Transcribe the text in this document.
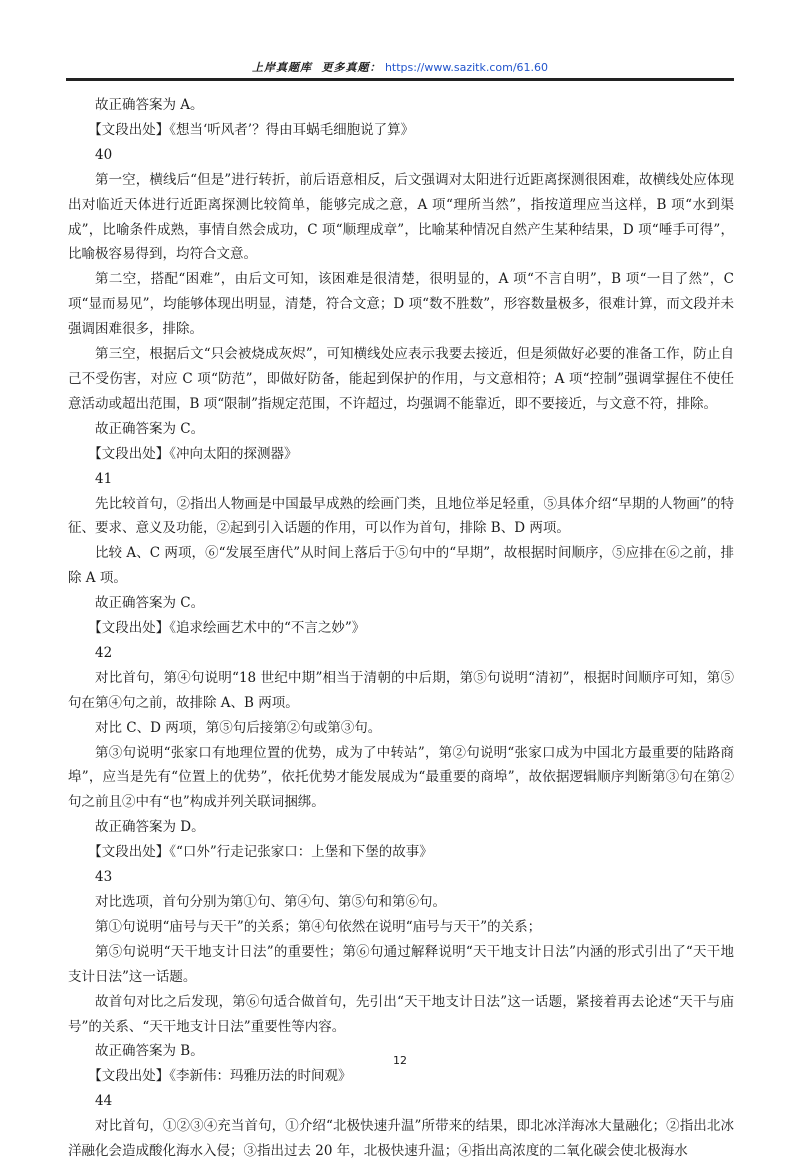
上岸真题库 更多真题： https://www.sazitk.com/61.60

故正确答案为 A。

【文段出处】《想当‘听风者’？得由耳蜗毛细胞说了算》

40

第一空，横线后“但是”进行转折，前后语意相反，后文强调对太阳进行近距离探测很困难，故横线处应体现出对临近天体进行近距离探测比较简单，能够完成之意，A 项“理所当然”，指按道理应当这样，B 项“水到渠成”，比喻条件成熟，事情自然会成功，C 项“顺理成章”，比喻某种情况自然产生某种结果，D 项“唾手可得”，比喻极容易得到，均符合文意。

第二空，搭配“困难”，由后文可知，该困难是很清楚，很明显的，A 项“不言自明”，B 项“一目了然”，C 项“显而易见”，均能够体现出明显，清楚，符合文意；D 项“数不胜数”，形容数量极多，很难计算，而文段并未强调困难很多，排除。

第三空，根据后文“只会被烧成灰烬”，可知横线处应表示我要去接近，但是须做好必要的准备工作，防止自己不受伤害，对应 C 项“防范”，即做好防备，能起到保护的作用，与文意相符；A 项“控制”强调掌握住不使任意活动或超出范围，B 项“限制”指规定范围，不许超过，均强调不能靠近，即不要接近，与文意不符，排除。

故正确答案为 C。

【文段出处】《冲向太阳的探测器》

41

先比较首句，②指出人物画是中国最早成熟的绘画门类，且地位举足轻重，⑤具体介绍“早期的人物画”的特征、要求、意义及功能，②起到引入话题的作用，可以作为首句，排除 B、D 两项。

比较 A、C 两项，⑥“发展至唐代”从时间上落后于⑤句中的“早期”，故根据时间顺序，⑤应排在⑥之前，排除 A 项。

故正确答案为 C。

【文段出处】《追求绘画艺术中的“不言之妙”》

42

对比首句，第④句说明“18 世纪中期”相当于清朝的中后期，第⑤句说明“清初”，根据时间顺序可知，第⑤句在第④句之前，故排除 A、B 两项。

对比 C、D 两项，第⑤句后接第②句或第③句。

第③句说明“张家口有地理位置的优势，成为了中转站”，第②句说明“张家口成为中国北方最重要的陆路商埠”，应当是先有“位置上的优势”，依托优势才能发展成为“最重要的商埠”，故依据逻辑顺序判断第③句在第②句之前且②中有“也”构成并列关联词捆绑。

故正确答案为 D。

【文段出处】《“口外”行走记张家口：上堡和下堡的故事》

43

对比选项，首句分别为第①句、第④句、第⑤句和第⑥句。

第①句说明“庙号与天干”的关系；第④句依然在说明“庙号与天干”的关系；

第⑤句说明“天干地支计日法”的重要性；第⑥句通过解释说明“天干地支计日法”内涵的形式引出了“天干地支计日法”这一话题。

故首句对比之后发现，第⑥句适合做首句，先引出“天干地支计日法”这一话题，紧接着再去论述“天干与庙号”的关系、“天干地支计日法”重要性等内容。

故正确答案为 B。

【文段出处】《李新伟：玛雅历法的时间观》

44

对比首句，①②③④充当首句，①介绍“北极快速升温”所带来的结果，即北冰洋海冰大量融化；②指出北冰洋融化会造成酸化海水入侵；③指出过去 20 年，北极快速升温；④指出高浓度的二氧化碳会使北极海水

12
